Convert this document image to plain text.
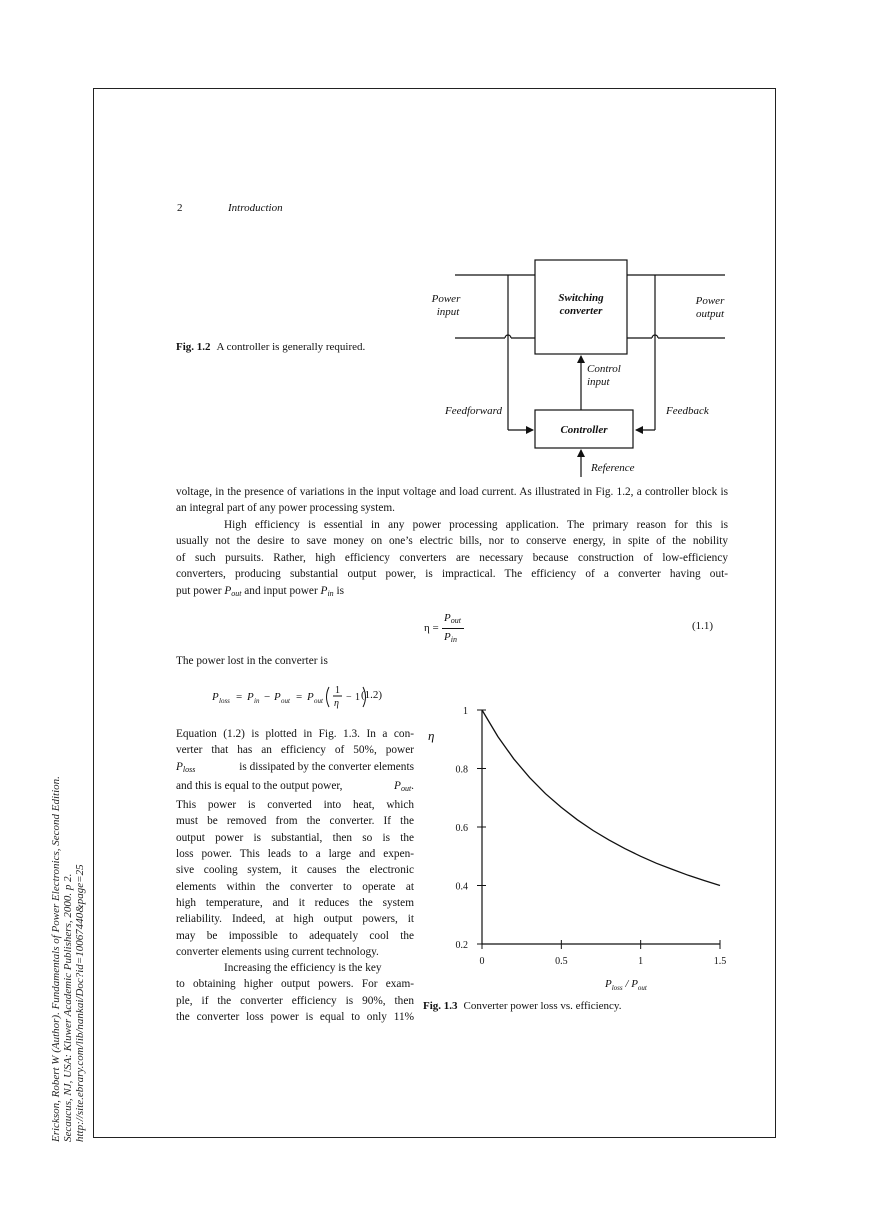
2	Introduction
Fig. 1.2 A controller is generally required.
Power
input
Switching
converter
Power
output
Control
input
Feedforward	Feedback
Controller
Reference

voltage, in the presence of variations in the input voltage and load current. As illustrated in Fig. 1.2, a controller block is an integral part of any power processing system.

High efficiency is essential in any power processing application. The primary reason for this is
usually not the desire to save money on one’s electric bills, nor to conserve energy, in spite of the nobility
of such pursuits. Rather, high efficiency converters are necessary because construction of low-efficiency
converters, producing substantial output power, is impractical. The efficiency of a converter having out-
put power $P_{out}$ and input power $P_{in}$ is
η =
$P_{out}$
$P_{in}$
(1.1)
The power lost in the converter is
P loss = P in − P out = P out
1
η
− 1 (1.2)
Equation (1.2) is plotted in Fig. 1.3. In a con-
verter that has an efficiency of 50%, power
$P_{loss}$	is dissipated by the converter elements
and this is equal to the output power,	$P_{out}$.
This power is converted into heat, which
must be removed from the converter. If the
output power is substantial, then so is the
loss power. This leads to a large and expen-
sive cooling system, it causes the electronic
elements within the converter to operate at
high temperature, and it reduces the system
reliability. Indeed, at high output powers, it
may be impossible to adequately cool the
converter elements using current technology.
Increasing the efficiency is the key
to obtaining higher output powers. For exam-
ple, if the converter efficiency is 90%, then
the converter loss power is equal to only 11%
0.2
0.4
0.6
0.8
1
0	0.5	1	1.5
η
$P_{loss} / P_{out}$
Fig. 1.3 Converter power loss vs. efficiency.
Erickson, Robert W (Author). Fundamentals of Power Electronics, Second Edition. Secaucus, NJ, USA: Kluwer Academic Publishers, 2000. p 2. http://site.ebrary.com/lib/nankai/Doc?id=10067440&page=25
